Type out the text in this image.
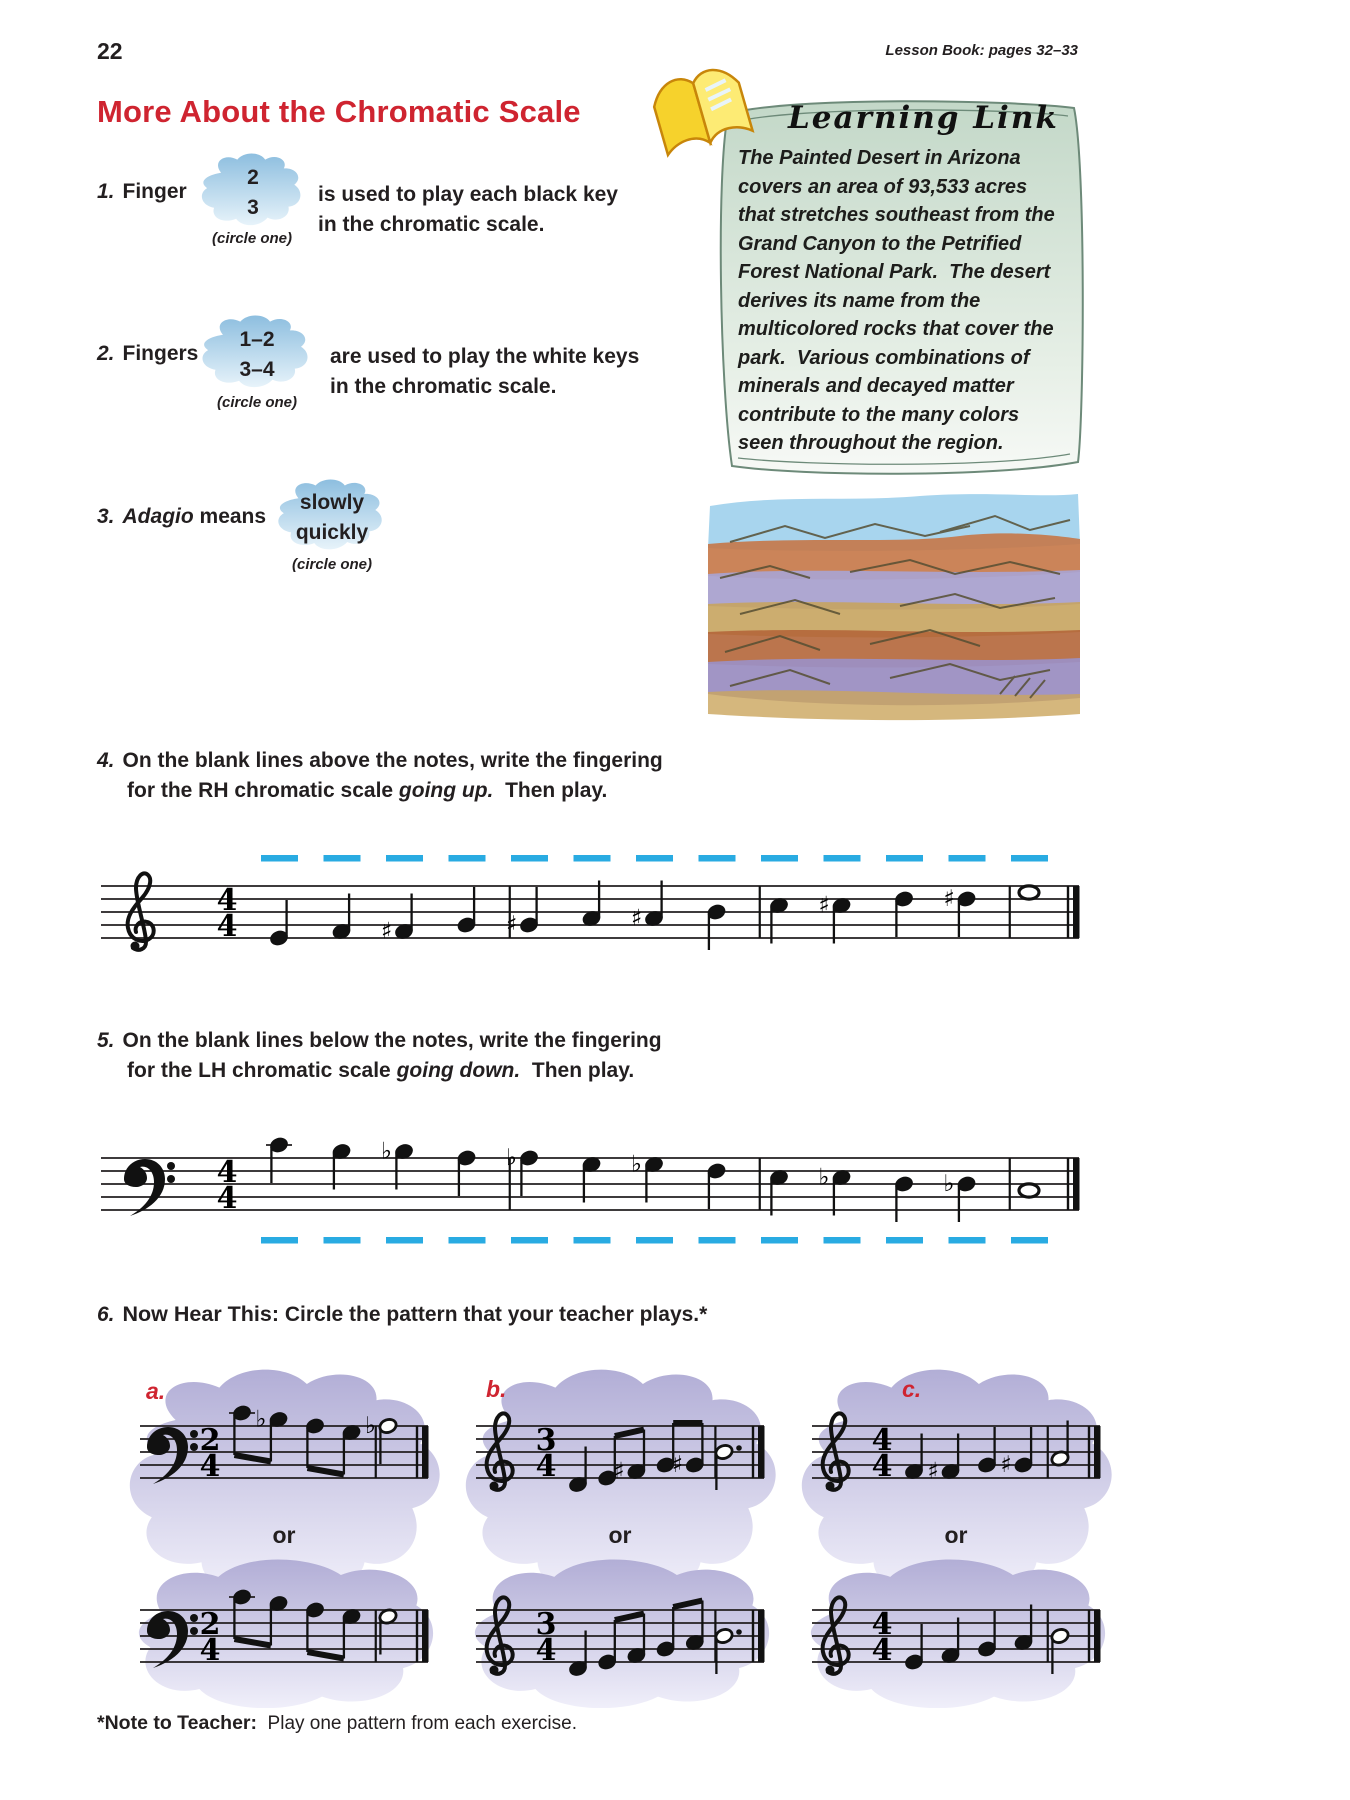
22	Lesson Book: pages 32–33
More About the Chromatic Scale
1. Finger
2
3
(circle one)
is used to play each black key
in the chromatic scale.
2. Fingers
1–2
3–4
(circle one)
are used to play the white keys
in the chromatic scale.
3. Adagio means
slowly
quickly
(circle one)
Learning Link
The Painted Desert in Arizona covers an area of 93,533 acres that stretches southeast from the Grand Canyon to the Petrified Forest National Park.  The desert derives its name from the multicolored rocks that cover the park.  Various combinations of minerals and decayed matter contribute to the many colors seen throughout the region.
4. On the blank lines above the notes, write the fingering
for the RH chromatic scale going up.  Then play.
4
4	♯	♯	♯	♯	♯
5. On the blank lines below the notes, write the fingering
for the LH chromatic scale going down.  Then play.
4
4
♭	♭	♭	♭	♭
6. Now Hear This: Circle the pattern that your teacher plays.*
a.
2
4
♭	♭
or
2
4
b.
3
4 ♯ ♯
or
3
4
c.
4
4 ♯	♯
or
4
4
*Note to Teacher:  Play one pattern from each exercise.
